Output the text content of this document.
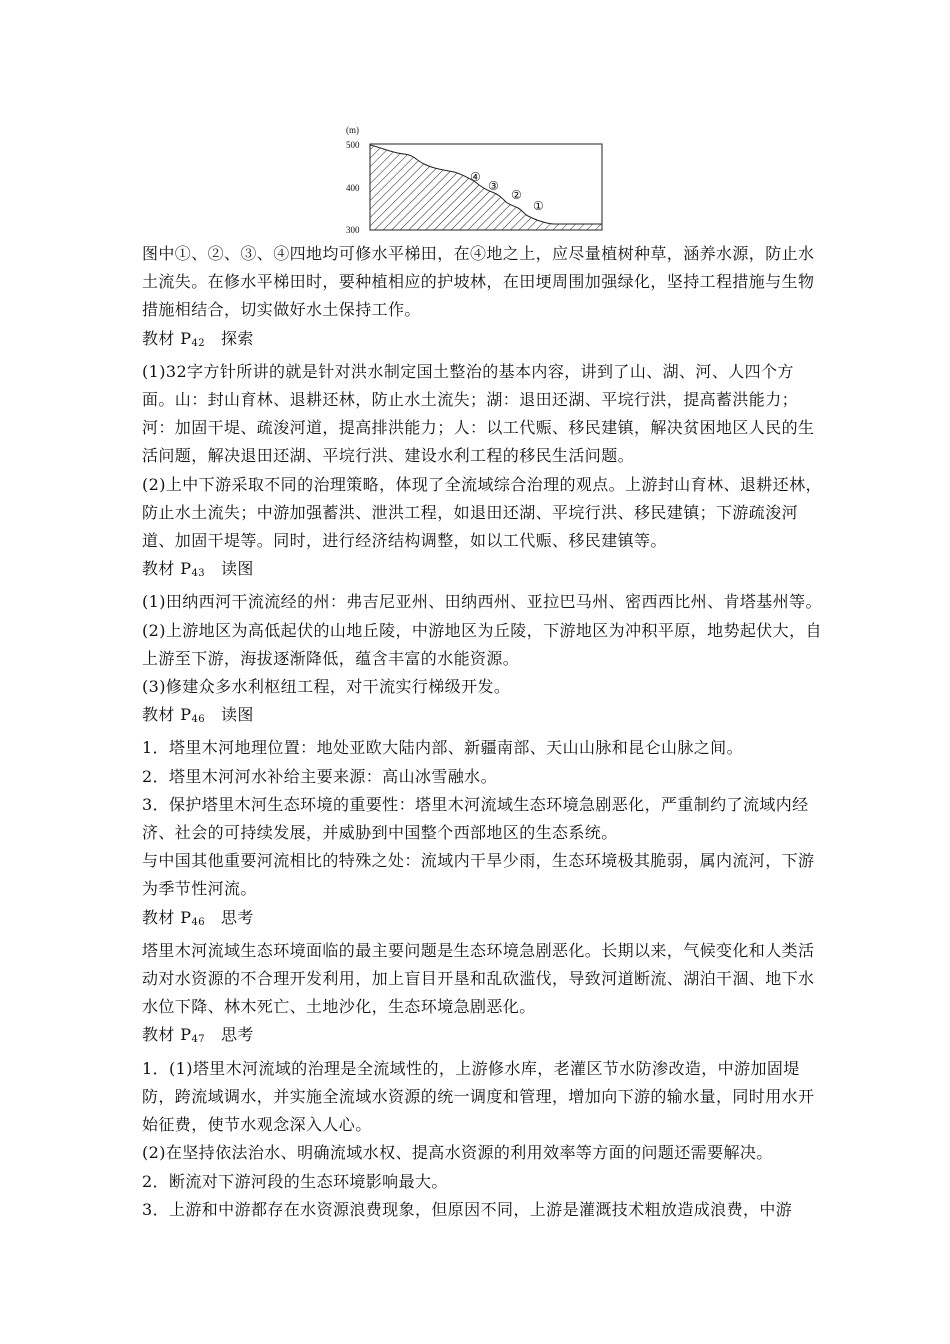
(m)
500
400
300
④
③
②
①

图中①、②、③、④四地均可修水平梯田，在④地之上，应尽量植树种草，涵养水源，防止水土流失。在修水平梯田时，要种植相应的护坡林，在田埂周围加强绿化，坚持工程措施与生物措施相结合，切实做好水土保持工作。

教材 $P_{42}$ 探索

(1)32字方针所讲的就是针对洪水制定国土整治的基本内容，讲到了山、湖、河、人四个方面。山：封山育林、退耕还林，防止水土流失；湖：退田还湖、平垸行洪，提高蓄洪能力；河：加固干堤、疏浚河道，提高排洪能力；人：以工代赈、移民建镇，解决贫困地区人民的生活问题，解决退田还湖、平垸行洪、建设水利工程的移民生活问题。

(2)上中下游采取不同的治理策略，体现了全流域综合治理的观点。上游封山育林、退耕还林，防止水土流失；中游加强蓄洪、泄洪工程，如退田还湖、平垸行洪、移民建镇；下游疏浚河道、加固干堤等。同时，进行经济结构调整，如以工代赈、移民建镇等。

教材 $P_{43}$ 读图

(1)田纳西河干流流经的州：弗吉尼亚州、田纳西州、亚拉巴马州、密西西比州、肯塔基州等。

(2)上游地区为高低起伏的山地丘陵，中游地区为丘陵，下游地区为冲积平原，地势起伏大，自上游至下游，海拔逐渐降低，蕴含丰富的水能资源。

(3)修建众多水利枢纽工程，对干流实行梯级开发。

教材 $P_{46}$ 读图

1．塔里木河地理位置：地处亚欧大陆内部、新疆南部、天山山脉和昆仑山脉之间。

2．塔里木河河水补给主要来源：高山冰雪融水。

3．保护塔里木河生态环境的重要性：塔里木河流域生态环境急剧恶化，严重制约了流域内经济、社会的可持续发展，并威胁到中国整个西部地区的生态系统。

与中国其他重要河流相比的特殊之处：流域内干旱少雨，生态环境极其脆弱，属内流河，下游为季节性河流。

教材 $P_{46}$ 思考

塔里木河流域生态环境面临的最主要问题是生态环境急剧恶化。长期以来，气候变化和人类活动对水资源的不合理开发利用，加上盲目开垦和乱砍滥伐，导致河道断流、湖泊干涸、地下水水位下降、林木死亡、土地沙化，生态环境急剧恶化。

教材 $P_{47}$ 思考

1．(1)塔里木河流域的治理是全流域性的，上游修水库，老灌区节水防渗改造，中游加固堤防，跨流域调水，并实施全流域水资源的统一调度和管理，增加向下游的输水量，同时用水开始征费，使节水观念深入人心。

(2)在坚持依法治水、明确流域水权、提高水资源的利用效率等方面的问题还需要解决。

2．断流对下游河段的生态环境影响最大。

3．上游和中游都存在水资源浪费现象，但原因不同，上游是灌溉技术粗放造成浪费，中游
